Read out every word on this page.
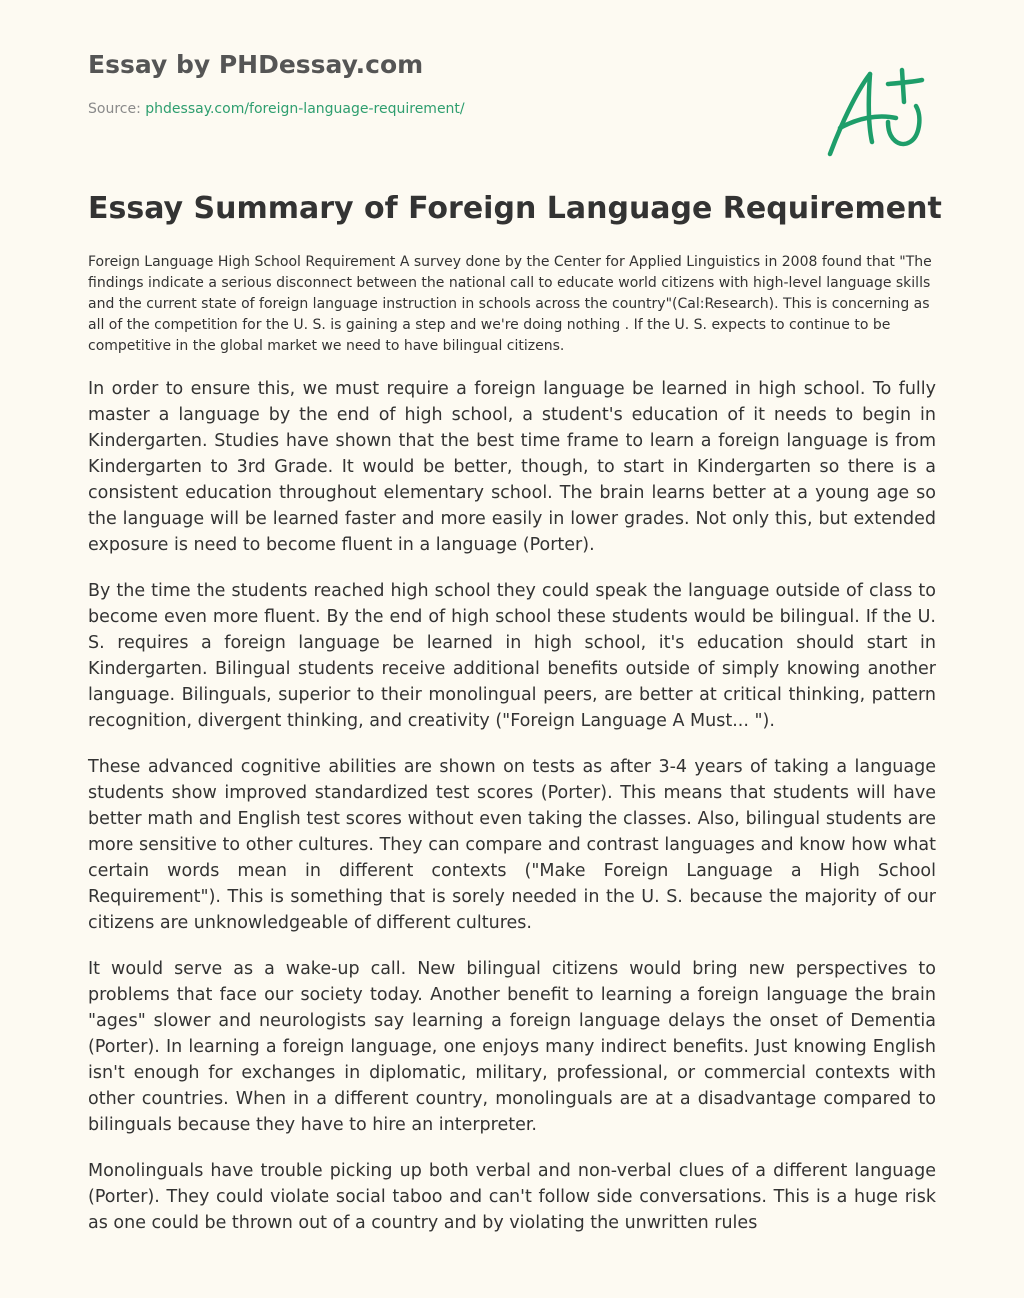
Essay by PHDessay.com

Source: phdessay.com/foreign-language-requirement/

Essay Summary of Foreign Language Requirement

Foreign Language High School Requirement A survey done by the Center for Applied Linguistics in 2008 found that "The findings indicate a serious disconnect between the national call to educate world citizens with high-level language skills and the current state of foreign language instruction in schools across the country"(Cal:Research). This is concerning as all of the competition for the U. S. is gaining a step and we're doing nothing . If the U. S. expects to continue to be competitive in the global market we need to have bilingual citizens.

In order to ensure this, we must require a foreign language be learned in high school. To fully master a language by the end of high school, a student's education of it needs to begin in Kindergarten. Studies have shown that the best time frame to learn a foreign language is from Kindergarten to 3rd Grade. It would be better, though, to start in Kindergarten so there is a consistent education throughout elementary school. The brain learns better at a young age so the language will be learned faster and more easily in lower grades. Not only this, but extended exposure is need to become fluent in a language (Porter).

By the time the students reached high school they could speak the language outside of class to become even more fluent. By the end of high school these students would be bilingual. If the U. S. requires a foreign language be learned in high school, it's education should start in Kindergarten. Bilingual students receive additional benefits outside of simply knowing another language. Bilinguals, superior to their monolingual peers, are better at critical thinking, pattern recognition, divergent thinking, and creativity ("Foreign Language A Must... ").

These advanced cognitive abilities are shown on tests as after 3-4 years of taking a language students show improved standardized test scores (Porter). This means that students will have better math and English test scores without even taking the classes. Also, bilingual students are more sensitive to other cultures. They can compare and contrast languages and know how what certain words mean in different contexts ("Make Foreign Language a High School Requirement"). This is something that is sorely needed in the U. S. because the majority of our citizens are unknowledgeable of different cultures.

It would serve as a wake-up call. New bilingual citizens would bring new perspectives to problems that face our society today. Another benefit to learning a foreign language the brain "ages" slower and neurologists say learning a foreign language delays the onset of Dementia (Porter). In learning a foreign language, one enjoys many indirect benefits. Just knowing English isn't enough for exchanges in diplomatic, military, professional, or commercial contexts with other countries. When in a different country, monolinguals are at a disadvantage compared to bilinguals because they have to hire an interpreter.

Monolinguals have trouble picking up both verbal and non-verbal clues of a different language (Porter). They could violate social taboo and can't follow side conversations. This is a huge risk as one could be thrown out of a country and by violating the unwritten rules
